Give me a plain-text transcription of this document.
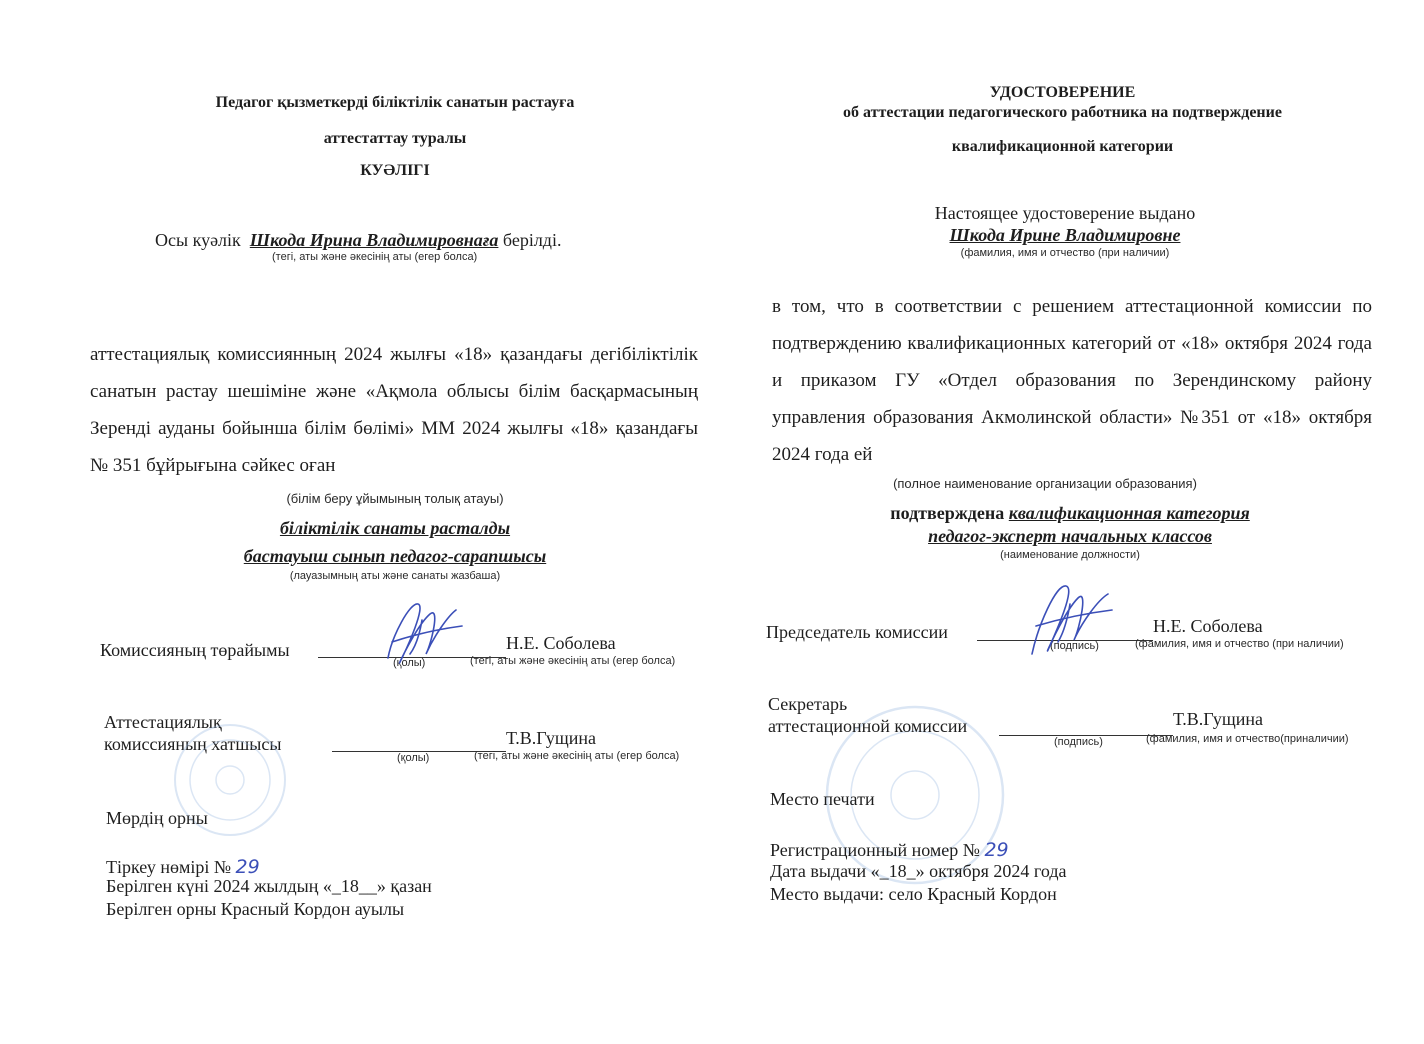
Педагог қызметкерді біліктілік санатын растауға
аттестаттау туралы
КУӘЛІГІ
Осы куәлік Шкода Ирина Владимировнаға берілді.
(тегі, аты және әкесінің аты (егер болса)
аттестациялық комиссиянның 2024 жылғы «18» қазандағы дегібіліктілік санатын растау шешіміне және «Ақмола облысы білім басқармасының Зеренді ауданы бойынша білім бөлімі» ММ 2024 жылғы «18» қазандағы № 351 бұйрығына сәйкес оған
(білім беру ұйымының толық атауы)
біліктілік санаты расталды
бастауыш сынып педагог-сарапшысы
(лауазымның аты және санаты жазбаша)
Комиссияның төрайымы	Н.Е. Соболева
(қолы)	(тегі, аты және әкесінің аты (егер болса)
Аттестациялық
комиссияның хатшысы	Т.В.Гущина
(қолы)	(тегі, аты және әкесінің аты (егер болса)
Мөрдің орны
Тіркеу нөмірі № 29
Берілген күні 2024 жылдың «_18__» қазан
Берілген орны Красный Кордон ауылы
УДОСТОВЕРЕНИЕ
об аттестации педагогического работника на подтверждение
квалификационной категории
Настоящее удостоверение выдано
Шкода Ирине Владимировне
(фамилия, имя и отчество (при наличии)
в том, что в соответствии с решением аттестационной комиссии по подтверждению квалификационных категорий от «18» октября 2024 года и приказом ГУ «Отдел образования по Зерендинскому району управления образования Акмолинской области» №351 от «18» октября 2024 года ей
(полное наименование организации образования)
подтверждена квалификационная категория
педагог-эксперт начальных классов
(наименование должности)
Председатель комиссии	Н.Е. Соболева
(подпись)	(фамилия, имя и отчество (при наличии)
Секретарь
аттестационной комиссии	Т.В.Гущина
(подпись)	(фамилия, имя и отчество(приналичии)
Место печати
Регистрационный номер № 29
Дата выдачи «_18_» октября 2024 года
Место выдачи: село Красный Кордон
